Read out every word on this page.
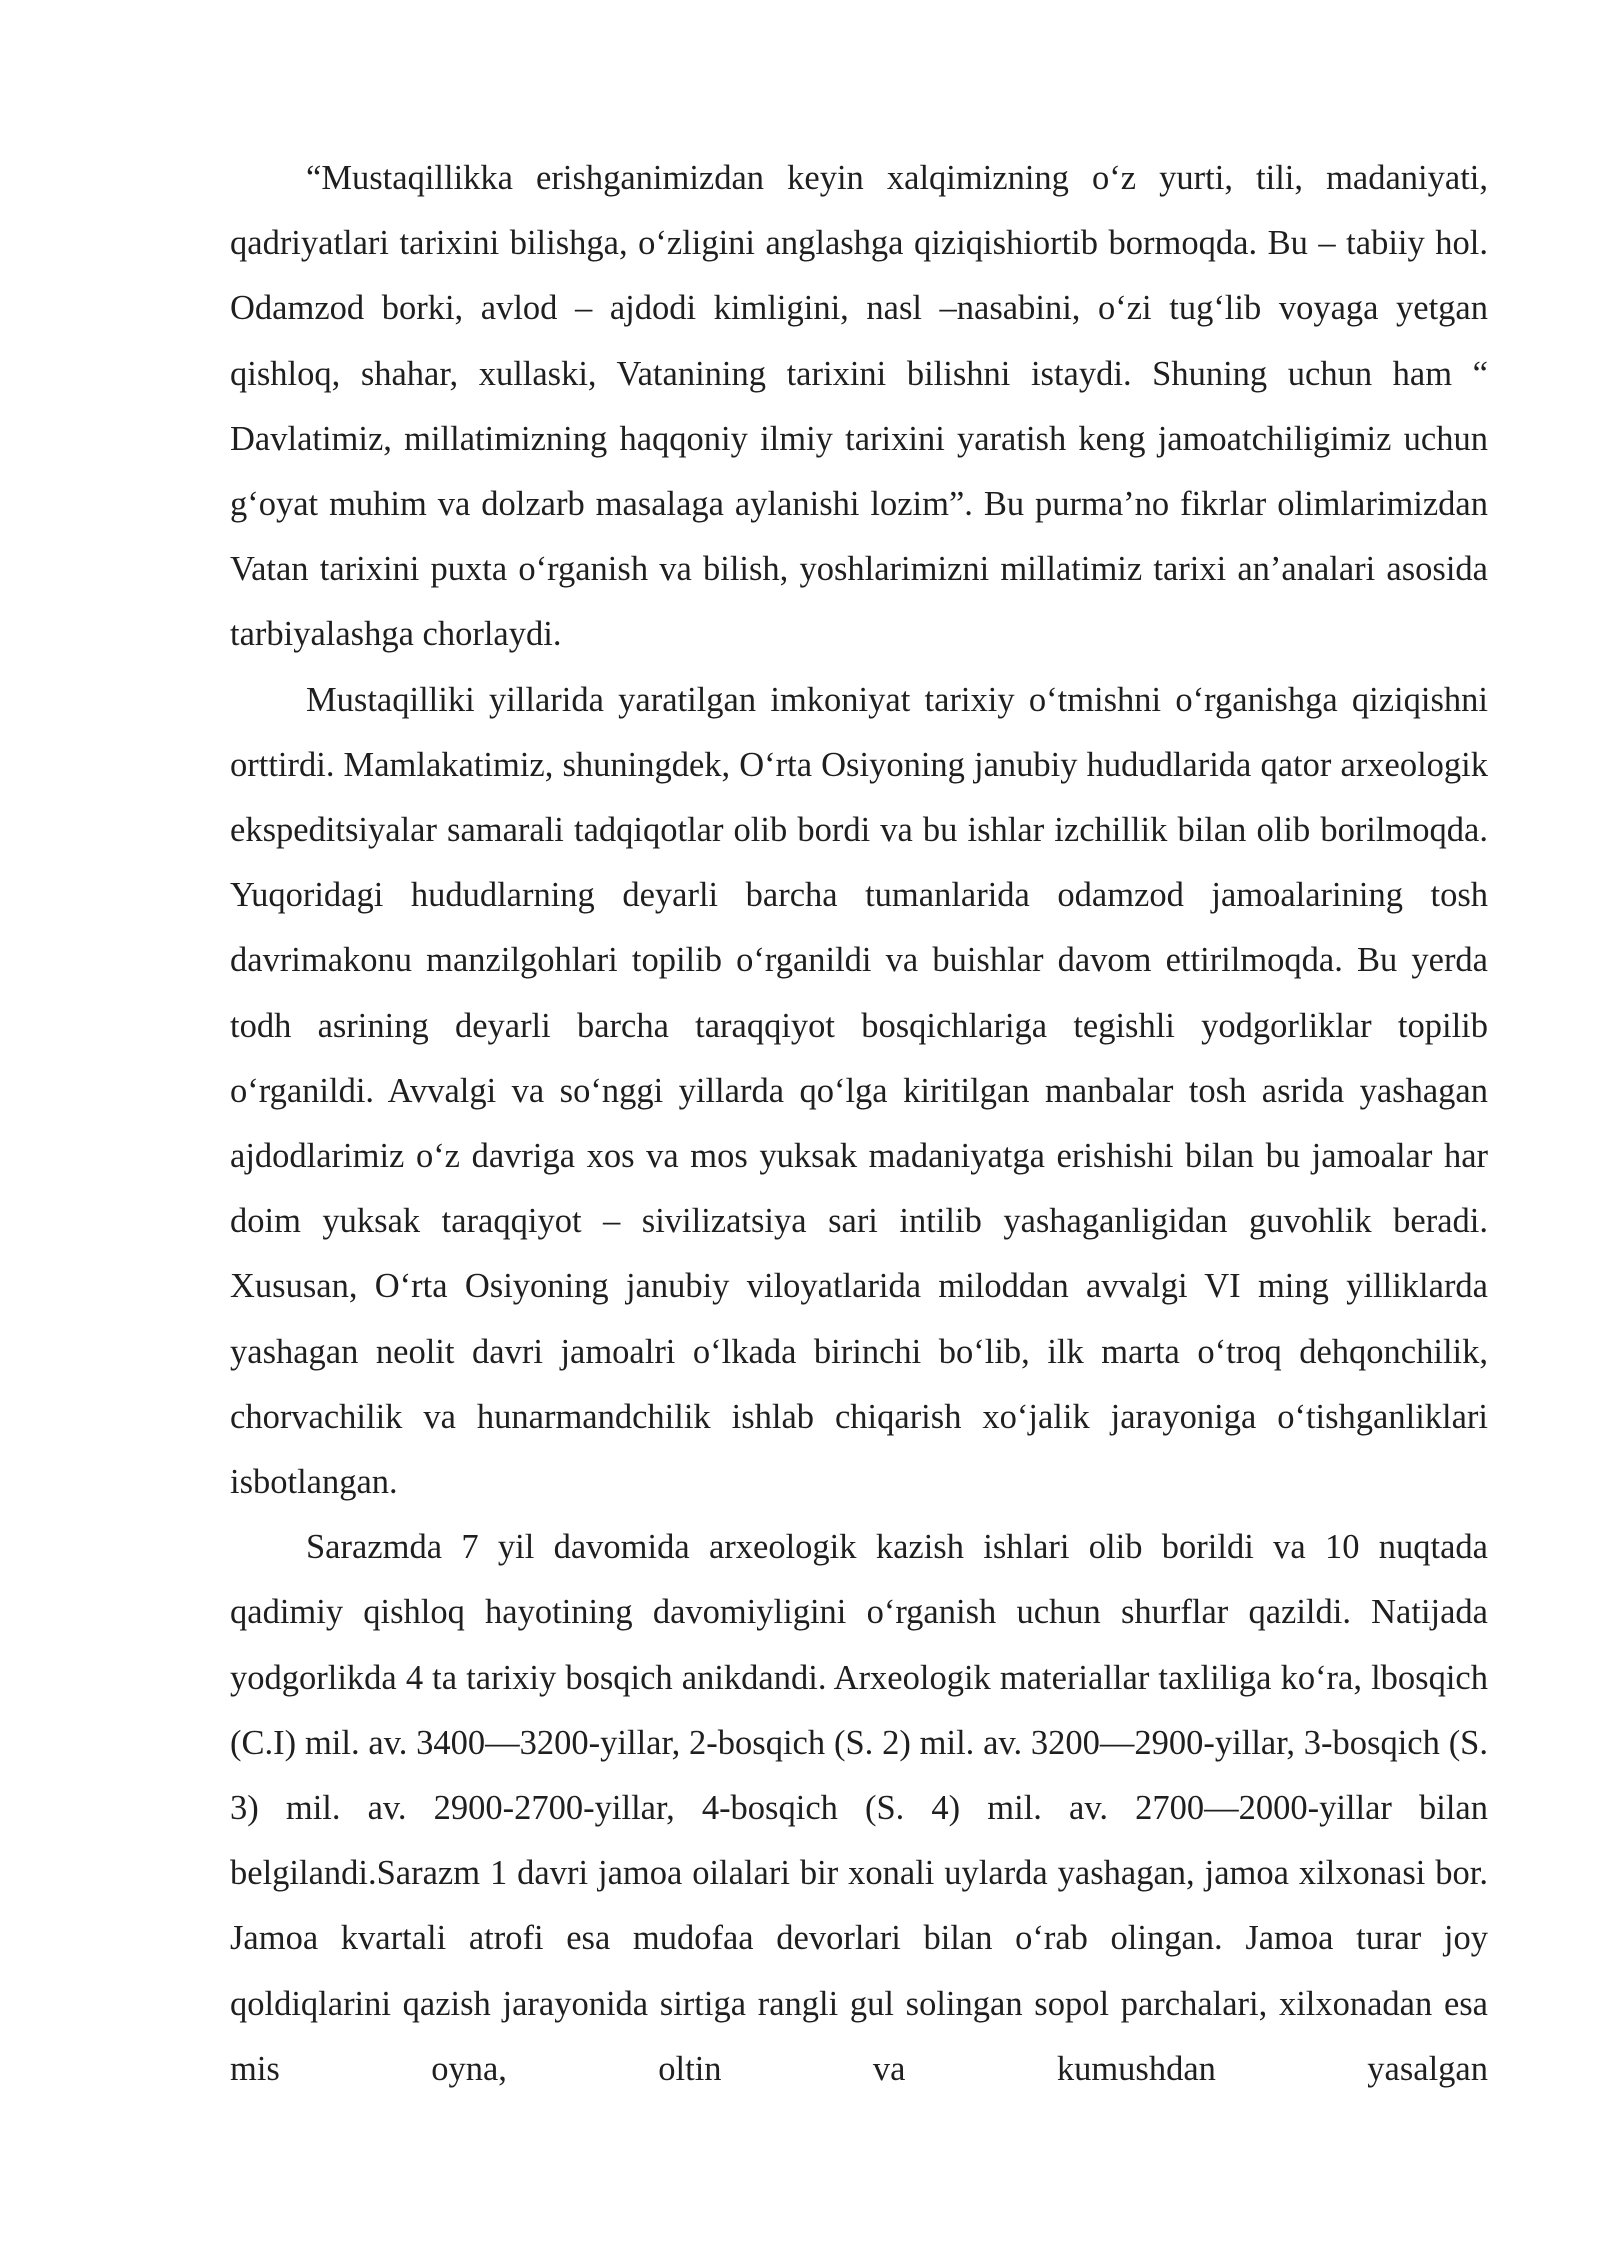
“Mustaqillikka erishganimizdan keyin xalqimizning o‘z yurti, tili, madaniyati, qadriyatlari tarixini bilishga, o‘zligini anglashga qiziqishiortib bormoqda. Bu – tabiiy hol. Odamzod borki, avlod – ajdodi kimligini, nasl –nasabini, o‘zi tug‘lib voyaga yetgan qishloq, shahar, xullaski, Vatanining tarixini bilishni istaydi. Shuning uchun ham “ Davlatimiz, millatimizning haqqoniy ilmiy tarixini yaratish keng jamoatchiligimiz uchun g‘oyat muhim va dolzarb masalaga aylanishi lozim”. Bu purma’no fikrlar olimlarimizdan Vatan tarixini puxta o‘rganish va bilish, yoshlarimizni millatimiz tarixi an’analari asosida tarbiyalashga chorlaydi.

Mustaqilliki yillarida yaratilgan imkoniyat tarixiy o‘tmishni o‘rganishga qiziqishni orttirdi. Mamlakatimiz, shuningdek, O‘rta Osiyoning janubiy hududlarida qator arxeologik ekspeditsiyalar samarali tadqiqotlar olib bordi va bu ishlar izchillik bilan olib borilmoqda. Yuqoridagi hududlarning deyarli barcha tumanlarida odamzod jamoalarining tosh davrimakonu manzilgohlari topilib o‘rganildi va buishlar davom ettirilmoqda. Bu yerda todh asrining deyarli barcha taraqqiyot bosqichlariga tegishli yodgorliklar topilib o‘rganildi. Avvalgi va so‘nggi yillarda qo‘lga kiritilgan manbalar tosh asrida yashagan ajdodlarimiz o‘z davriga xos va mos yuksak madaniyatga erishishi bilan bu jamoalar har doim yuksak taraqqiyot – sivilizatsiya sari intilib yashaganligidan guvohlik beradi. Xususan, O‘rta Osiyoning janubiy viloyatlarida miloddan avvalgi VI ming yilliklarda yashagan neolit davri jamoalri o‘lkada birinchi bo‘lib, ilk marta o‘troq dehqonchilik, chorvachilik va hunarmandchilik ishlab chiqarish xo‘jalik jarayoniga o‘tishganliklari isbotlangan.

Sarazmda 7 yil davomida arxeologik kazish ishlari olib borildi va 10 nuqtada qadimiy qishloq hayotining davomiyligini o‘rganish uchun shurflar qazildi. Natijada yodgorlikda 4 ta tarixiy bosqich anikdandi. Arxeologik materiallar taxliliga ko‘ra, lbosqich (C.I) mil. av. 3400—3200-yillar, 2-bosqich (S. 2) mil. av. 3200—2900-yillar, 3-bosqich (S. 3) mil. av. 2900-2700-yillar, 4-bosqich (S. 4) mil. av. 2700—2000-yillar bilan belgilandi.Sarazm 1 davri jamoa oilalari bir xonali uylarda yashagan, jamoa xilxonasi bor. Jamoa kvartali atrofi esa mudofaa devorlari bilan o‘rab olingan. Jamoa turar joy qoldiqlarini qazish jarayonida sirtiga rangli gul solingan sopol parchalari, xilxonadan esa mis oyna, oltin va kumushdan yasalgan
